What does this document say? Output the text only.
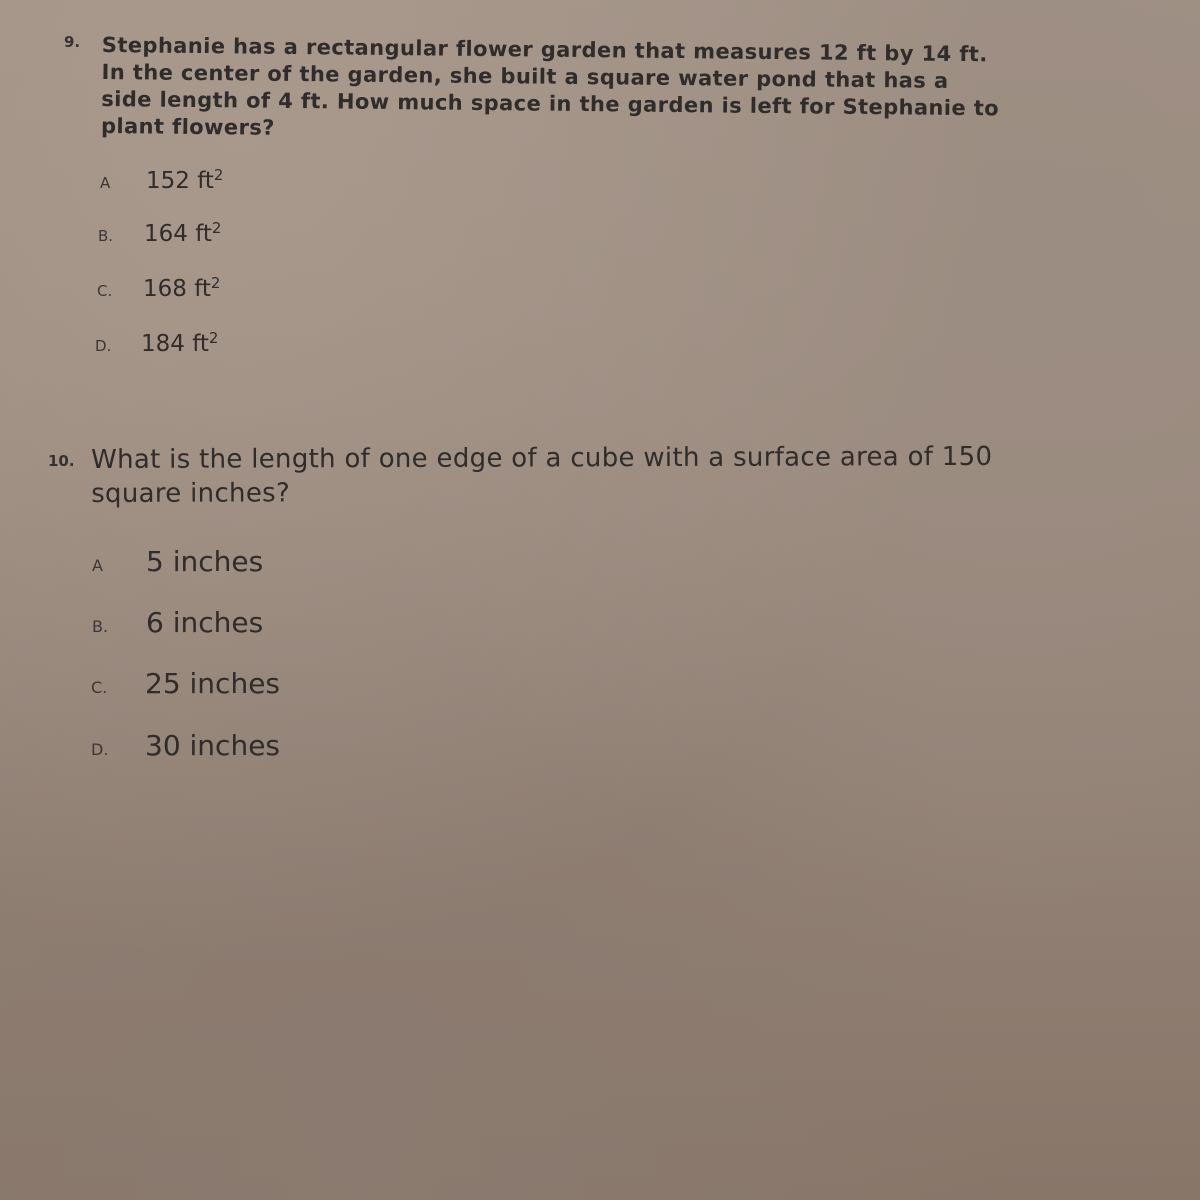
9. Stephanie has a rectangular flower garden that measures 12 ft by 14 ft.
In the center of the garden, she built a square water pond that has a
side length of 4 ft. How much space in the garden is left for Stephanie to
plant flowers?
A	152 $ft^2$
B.	164 $ft^2$
C.	168 $ft^2$
D.	184 $ft^2$
10. What is the length of one edge of a cube with a surface area of 150
square inches?
A	5 inches
B.	6 inches
C.	25 inches
D.	30 inches
